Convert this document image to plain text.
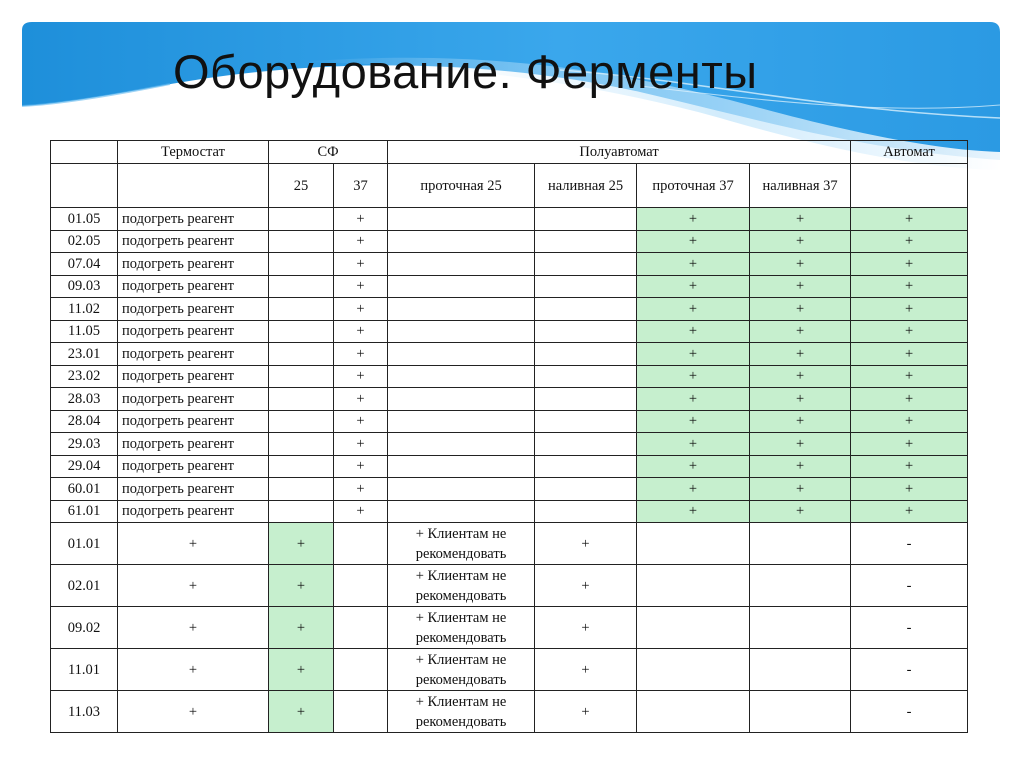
Оборудование. Ферменты
	Термостат	СФ		Полуавтомат				Автомат
		25	37	проточная 25	наливная 25	проточная 37	наливная 37	
01.05	подогреть реагент		+			+	+	+
02.05	подогреть реагент		+			+	+	+
07.04	подогреть реагент		+			+	+	+
09.03	подогреть реагент		+			+	+	+
11.02	подогреть реагент		+			+	+	+
11.05	подогреть реагент		+			+	+	+
23.01	подогреть реагент		+			+	+	+
23.02	подогреть реагент		+			+	+	+
28.03	подогреть реагент		+			+	+	+
28.04	подогреть реагент		+			+	+	+
29.03	подогреть реагент		+			+	+	+
29.04	подогреть реагент		+			+	+	+
60.01	подогреть реагент		+			+	+	+
61.01	подогреть реагент		+			+	+	+
01.01	+	+		+ Клиентам не
рекомендовать	+			-
02.01	+	+		+ Клиентам не
рекомендовать	+			-
09.02	+	+		+ Клиентам не
рекомендовать	+			-
11.01	+	+		+ Клиентам не
рекомендовать	+			-
11.03	+	+		+ Клиентам не
рекомендовать	+			-
